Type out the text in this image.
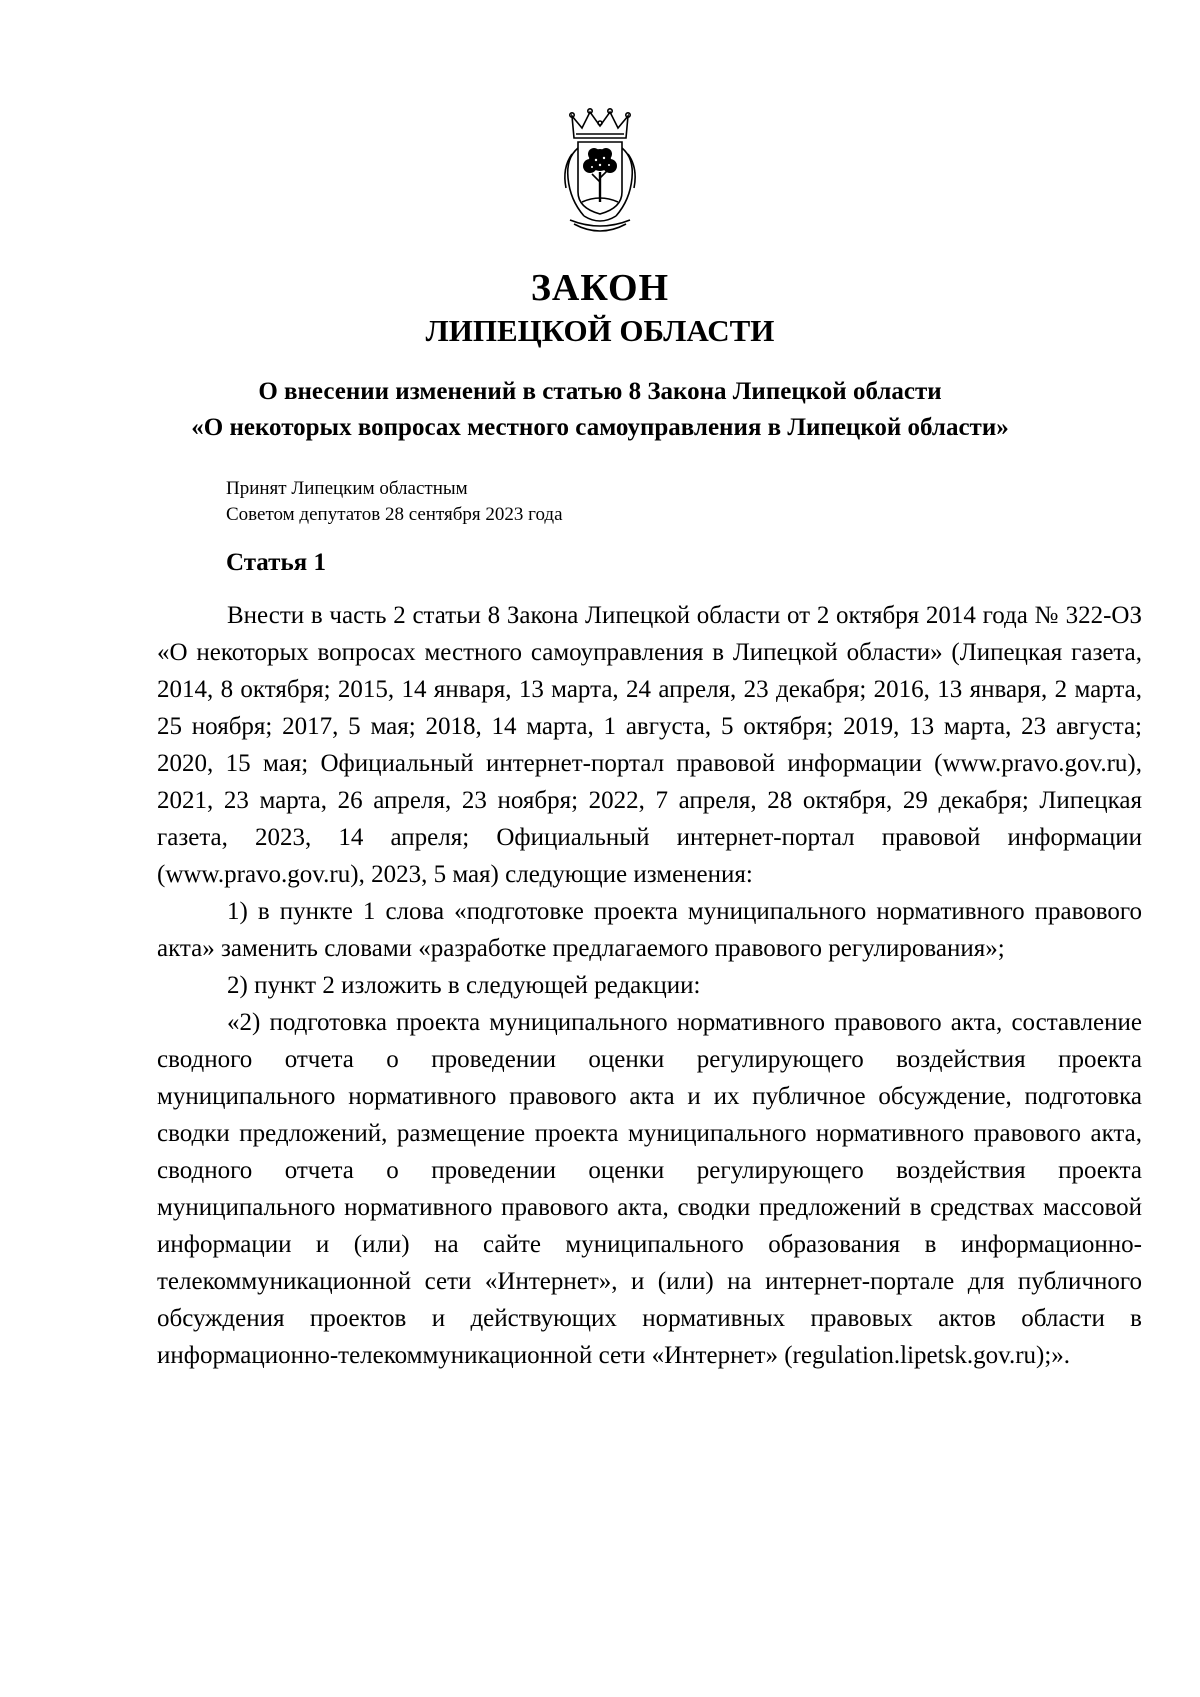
ЗАКОН
ЛИПЕЦКОЙ ОБЛАСТИ
О внесении изменений в статью 8 Закона Липецкой области
«О некоторых вопросах местного самоуправления в Липецкой области»
Принят Липецким областным
Советом депутатов 28 сентября 2023 года
Статья 1

Внести в часть 2 статьи 8 Закона Липецкой области от 2 октября 2014 года № 322-ОЗ «О некоторых вопросах местного самоуправления в Липецкой области» (Липецкая газета, 2014, 8 октября; 2015, 14 января, 13 марта, 24 апреля, 23 декабря; 2016, 13 января, 2 марта, 25 ноября; 2017, 5 мая; 2018, 14 марта, 1 августа, 5 октября; 2019, 13 марта, 23 августа; 2020, 15 мая; Официальный интернет-портал правовой информации (www.pravo.gov.ru), 2021, 23 марта, 26 апреля, 23 ноября; 2022, 7 апреля, 28 октября, 29 декабря; Липецкая газета, 2023, 14 апреля; Официальный интернет-портал правовой информации (www.pravo.gov.ru), 2023, 5 мая) следующие изменения:

1) в пункте 1 слова «подготовке проекта муниципального нормативного правового акта» заменить словами «разработке предлагаемого правового регулирования»;

2) пункт 2 изложить в следующей редакции:

«2) подготовка проекта муниципального нормативного правового акта, составление сводного отчета о проведении оценки регулирующего воздействия проекта муниципального нормативного правового акта и их публичное обсуждение, подготовка сводки предложений, размещение проекта муниципального нормативного правового акта, сводного отчета о проведении оценки регулирующего воздействия проекта муниципального нормативного правового акта, сводки предложений в средствах массовой информации и (или) на сайте муниципального образования в информационно-телекоммуникационной сети «Интернет», и (или) на интернет-портале для публичного обсуждения проектов и действующих нормативных правовых актов области в информационно-телекоммуникационной сети «Интернет» (regulation.lipetsk.gov.ru);».
